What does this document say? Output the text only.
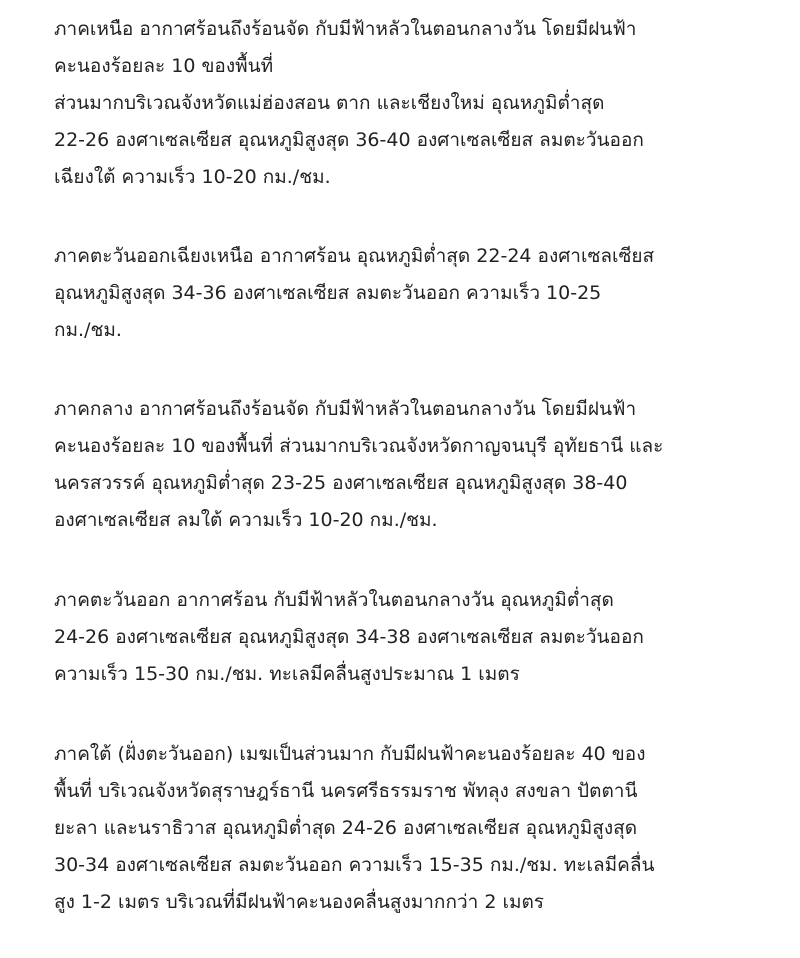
ภาคเหนือ อากาศร้อนถึงร้อนจัด กับมีฟ้าหลัวในตอนกลางวัน โดยมีฝนฟ้า
คะนองร้อยละ 10 ของพื้นที่
ส่วนมากบริเวณจังหวัดแม่ฮ่องสอน ตาก และเชียงใหม่ อุณหภูมิต่ำสุด
22-26 องศาเซลเซียส อุณหภูมิสูงสุด 36-40 องศาเซลเซียส ลมตะวันออก
เฉียงใต้ ความเร็ว 10-20 กม./ชม.
ภาคตะวันออกเฉียงเหนือ อากาศร้อน อุณหภูมิต่ำสุด 22-24 องศาเซลเซียส
อุณหภูมิสูงสุด 34-36 องศาเซลเซียส ลมตะวันออก ความเร็ว 10-25
กม./ชม.
ภาคกลาง อากาศร้อนถึงร้อนจัด กับมีฟ้าหลัวในตอนกลางวัน โดยมีฝนฟ้า
คะนองร้อยละ 10 ของพื้นที่ ส่วนมากบริเวณจังหวัดกาญจนบุรี อุทัยธานี และ
นครสวรรค์ อุณหภูมิต่ำสุด 23-25 องศาเซลเซียส อุณหภูมิสูงสุด 38-40
องศาเซลเซียส ลมใต้ ความเร็ว 10-20 กม./ชม.
ภาคตะวันออก อากาศร้อน กับมีฟ้าหลัวในตอนกลางวัน อุณหภูมิต่ำสุด
24-26 องศาเซลเซียส อุณหภูมิสูงสุด 34-38 องศาเซลเซียส ลมตะวันออก
ความเร็ว 15-30 กม./ชม. ทะเลมีคลื่นสูงประมาณ 1 เมตร
ภาคใต้ (ฝั่งตะวันออก) เมฆเป็นส่วนมาก กับมีฝนฟ้าคะนองร้อยละ 40 ของ
พื้นที่ บริเวณจังหวัดสุราษฎร์ธานี นครศรีธรรมราช พัทลุง สงขลา ปัตตานี
ยะลา และนราธิวาส อุณหภูมิต่ำสุด 24-26 องศาเซลเซียส อุณหภูมิสูงสุด
30-34 องศาเซลเซียส ลมตะวันออก ความเร็ว 15-35 กม./ชม. ทะเลมีคลื่น
สูง 1-2 เมตร บริเวณที่มีฝนฟ้าคะนองคลื่นสูงมากกว่า 2 เมตร
